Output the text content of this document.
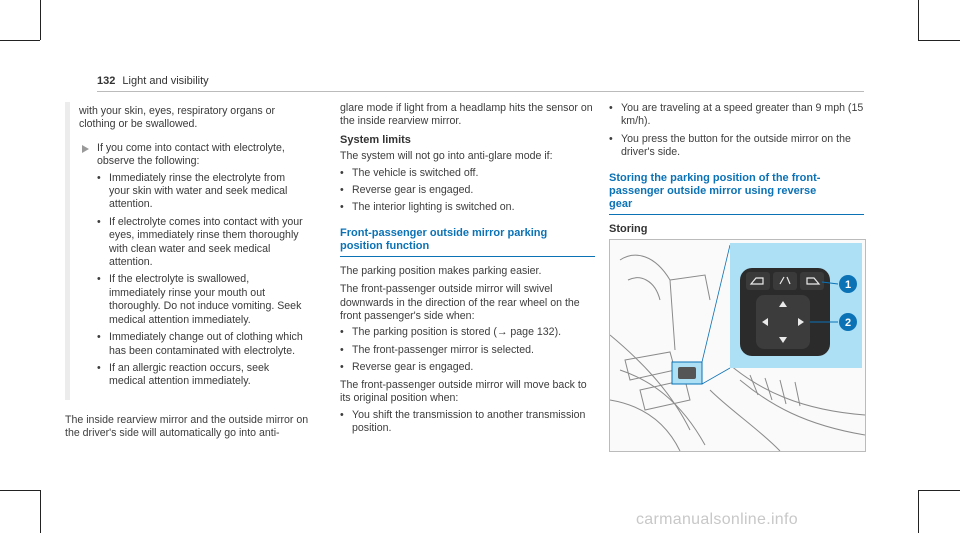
132 Light and visibility

with your skin, eyes, respiratory organs or clothing or be swallowed.

If you come into contact with electrolyte, observe the following:

• Immediately rinse the electrolyte from your skin with water and seek medical attention.
• If electrolyte comes into contact with your eyes, immediately rinse them thoroughly with clean water and seek medical attention.
• If the electrolyte is swallowed, immediately rinse your mouth out thoroughly. Do not induce vomiting. Seek medical attention immediately.
• Immediately change out of clothing which has been contaminated with electrolyte.
• If an allergic reaction occurs, seek medical attention immediately.

The inside rearview mirror and the outside mirror on the driver's side will automatically go into anti-

glare mode if light from a headlamp hits the sensor on the inside rearview mirror.

System limits

The system will not go into anti-glare mode if:

• The vehicle is switched off.
• Reverse gear is engaged.
• The interior lighting is switched on.
Front-passenger outside mirror parking position function

The parking position makes parking easier.

The front-passenger outside mirror will swivel downwards in the direction of the rear wheel on the front passenger's side when:

• The parking position is stored (→ page 132).
• The front-passenger mirror is selected.
• Reverse gear is engaged.

The front-passenger outside mirror will move back to its original position when:

• You shift the transmission to another transmission position.
• You are traveling at a speed greater than 9 mph (15 km/h).
• You press the button for the outside mirror on the driver's side.
Storing the parking position of the front-passenger outside mirror using reverse gear
Storing
1
2
carmanualsonline.info
